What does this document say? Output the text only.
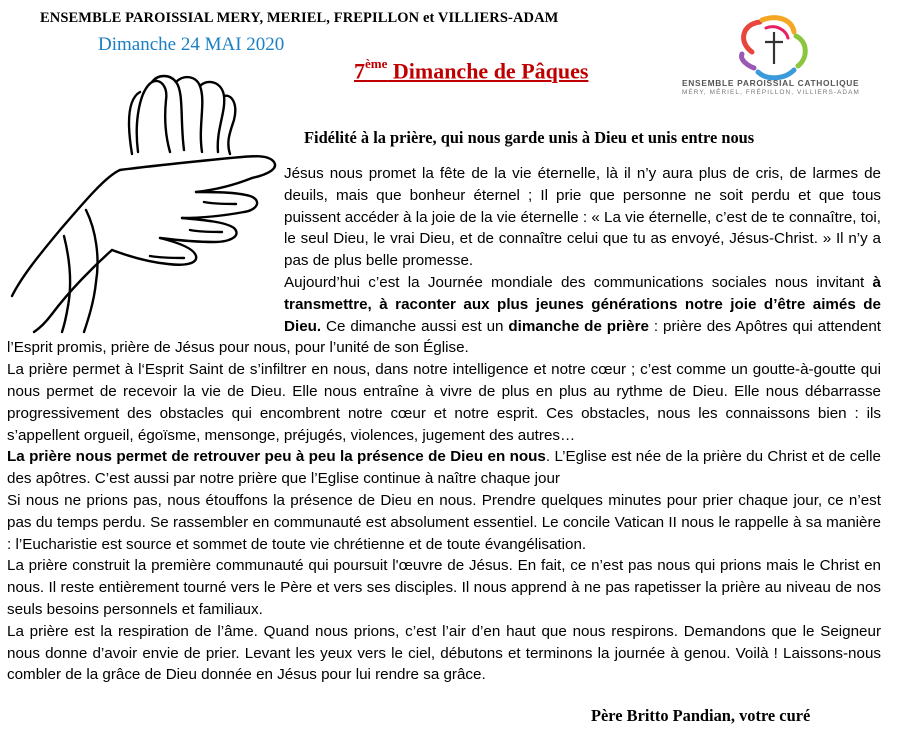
ENSEMBLE PAROISSIAL MERY, MERIEL, FREPILLON et VILLIERS-ADAM
Dimanche 24 MAI 2020
7ème Dimanche de Pâques	ENSEMBLE PAROISSIAL CATHOLIQUE
MÉRY, MÉRIEL, FRÉPILLON, VILLIERS-ADAM
Fidélité à la prière, qui nous garde unis à Dieu et unis entre nous

Jésus nous promet la fête de la vie éternelle, là il n’y aura plus de cris, de larmes de deuils, mais que bonheur éternel ; Il prie que personne ne soit perdu et que tous puissent accéder à la joie de la vie éternelle : « La vie éternelle, c’est de te connaître, toi, le seul Dieu, le vrai Dieu, et de connaître celui que tu as envoyé, Jésus-Christ. » Il n’y a pas de plus belle promesse.

Aujourd’hui c’est la Journée mondiale des communications sociales nous invitant à transmettre, à raconter aux plus jeunes générations notre joie d’être aimés de Dieu. Ce dimanche aussi est un dimanche de prière : prière des Apôtres qui attendent l’Esprit promis, prière de Jésus pour nous, pour l’unité de son Église.

La prière permet à l‘Esprit Saint de s’infiltrer en nous, dans notre intelligence et notre cœur ; c’est comme un goutte-à-goutte qui nous permet de recevoir la vie de Dieu. Elle nous entraîne à vivre de plus en plus au rythme de Dieu. Elle nous débarrasse progressivement des obstacles qui encombrent notre cœur et notre esprit. Ces obstacles, nous les connaissons bien : ils s’appellent orgueil, égoïsme, mensonge, préjugés, violences, jugement des autres…

La prière nous permet de retrouver peu à peu la présence de Dieu en nous. L’Eglise est née de la prière du Christ et de celle des apôtres. C’est aussi par notre prière que l’Eglise continue à naître chaque jour

Si nous ne prions pas, nous étouffons la présence de Dieu en nous. Prendre quelques minutes pour prier chaque jour, ce n’est pas du temps perdu. Se rassembler en communauté est absolument essentiel. Le concile Vatican II nous le rappelle à sa manière : l’Eucharistie est source et sommet de toute vie chrétienne et de toute évangélisation.

La prière construit la première communauté qui poursuit l'œuvre de Jésus. En fait, ce n’est pas nous qui prions mais le Christ en nous. Il reste entièrement tourné vers le Père et vers ses disciples. Il nous apprend à ne pas rapetisser la prière au niveau de nos seuls besoins personnels et familiaux.

La prière est la respiration de l’âme. Quand nous prions, c’est l’air d’en haut que nous respirons. Demandons que le Seigneur nous donne d’avoir envie de prier. Levant les yeux vers le ciel, débutons et terminons la journée à genou. Voilà ! Laissons-nous combler de la grâce de Dieu donnée en Jésus pour lui rendre sa grâce.

Père Britto Pandian, votre curé
